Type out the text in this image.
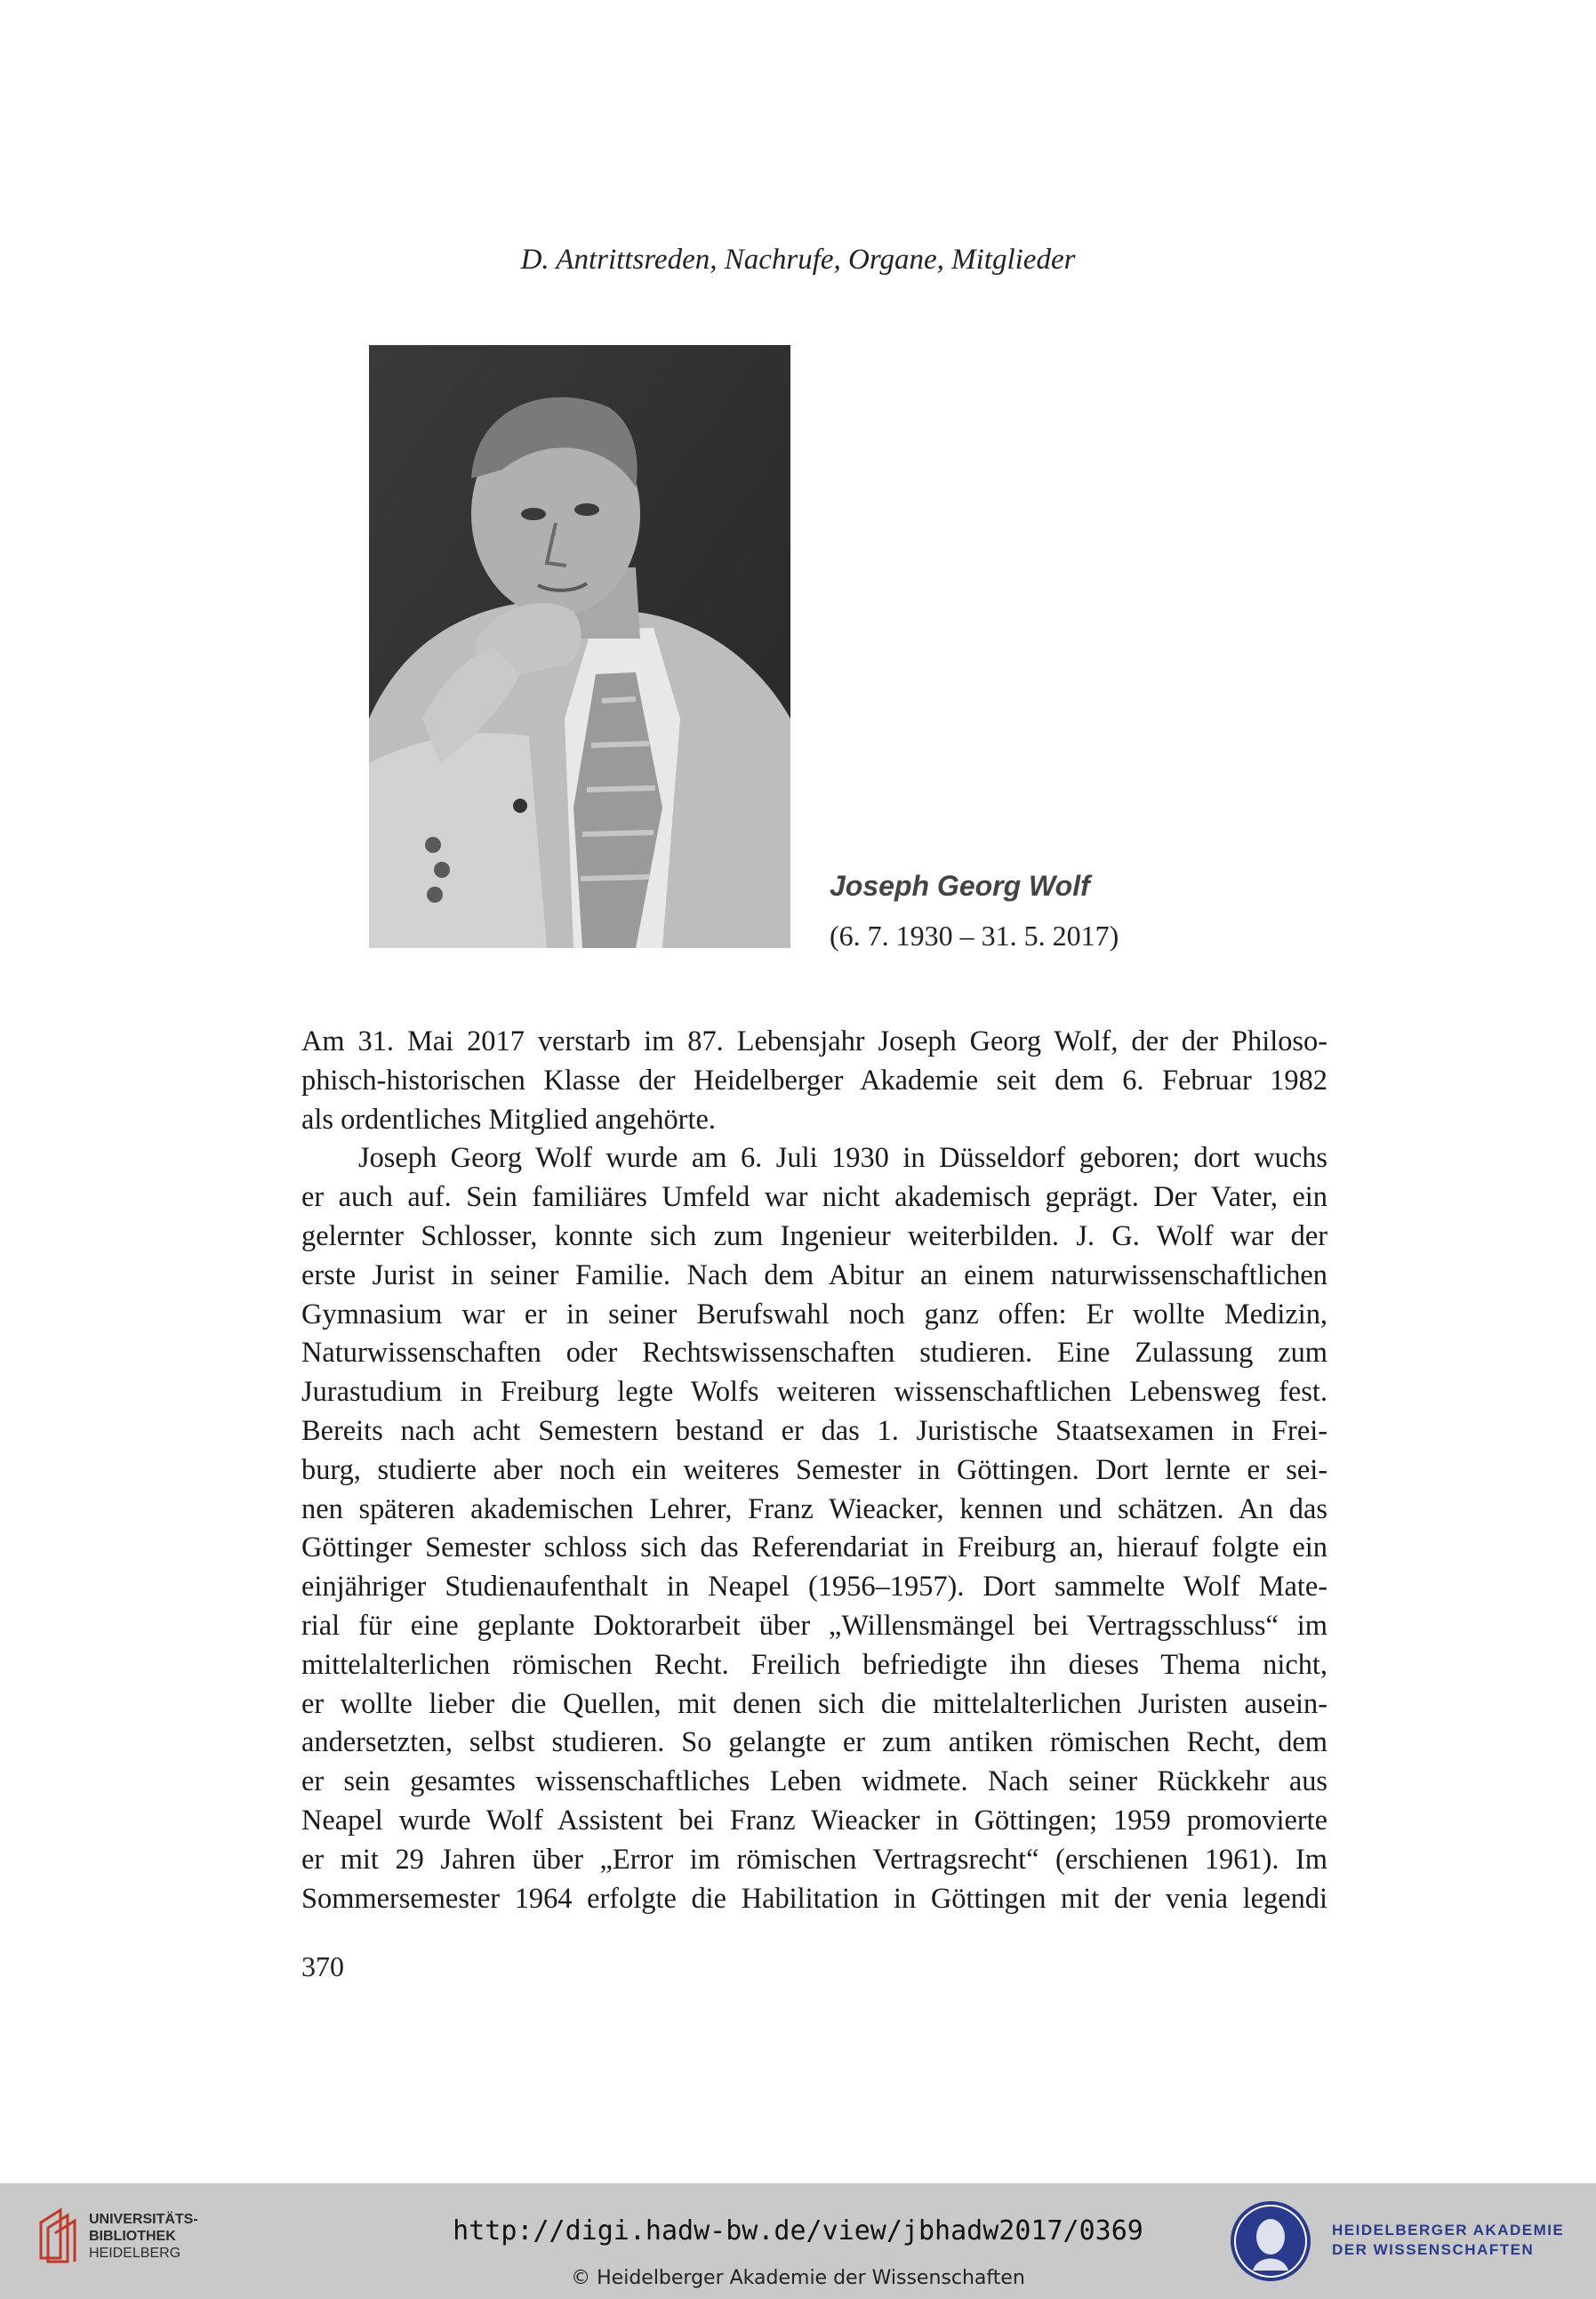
D. Antrittsreden, Nachrufe, Organe, Mitglieder
Joseph Georg Wolf
(6. 7. 1930 – 31. 5. 2017)
Am 31. Mai 2017 verstarb im 87. Lebensjahr Joseph Georg Wolf, der der Philoso-
phisch-historischen Klasse der Heidelberger Akademie seit dem 6. Februar 1982
als ordentliches Mitglied angehörte.
Joseph Georg Wolf wurde am 6. Juli 1930 in Düsseldorf geboren; dort wuchs
er auch auf. Sein familiäres Umfeld war nicht akademisch geprägt. Der Vater, ein
gelernter Schlosser, konnte sich zum Ingenieur weiterbilden. J. G. Wolf war der
erste Jurist in seiner Familie. Nach dem Abitur an einem naturwissenschaftlichen
Gymnasium war er in seiner Berufswahl noch ganz offen: Er wollte Medizin,
Naturwissenschaften oder Rechtswissenschaften studieren. Eine Zulassung zum
Jurastudium in Freiburg legte Wolfs weiteren wissenschaftlichen Lebensweg fest.
Bereits nach acht Semestern bestand er das 1. Juristische Staatsexamen in Frei-
burg, studierte aber noch ein weiteres Semester in Göttingen. Dort lernte er sei-
nen späteren akademischen Lehrer, Franz Wieacker, kennen und schätzen. An das
Göttinger Semester schloss sich das Referendariat in Freiburg an, hierauf folgte ein
einjähriger Studienaufenthalt in Neapel (1956–1957). Dort sammelte Wolf Mate-
rial für eine geplante Doktorarbeit über „Willensmängel bei Vertragsschluss“ im
mittelalterlichen römischen Recht. Freilich befriedigte ihn dieses Thema nicht,
er wollte lieber die Quellen, mit denen sich die mittelalterlichen Juristen ausein-
andersetzten, selbst studieren. So gelangte er zum antiken römischen Recht, dem
er sein gesamtes wissenschaftliches Leben widmete. Nach seiner Rückkehr aus
Neapel wurde Wolf Assistent bei Franz Wieacker in Göttingen; 1959 promovierte
er mit 29 Jahren über „Error im römischen Vertragsrecht“ (erschienen 1961). Im
Sommersemester 1964 erfolgte die Habilitation in Göttingen mit der venia legendi
370
UNIVERSITÄTS-
BIBLIOTHEK
HEIDELBERG
http://digi.hadw-bw.de/view/jbhadw2017/0369
© Heidelberger Akademie der Wissenschaften
HEIDELBERGER AKADEMIE
DER WISSENSCHAFTEN
